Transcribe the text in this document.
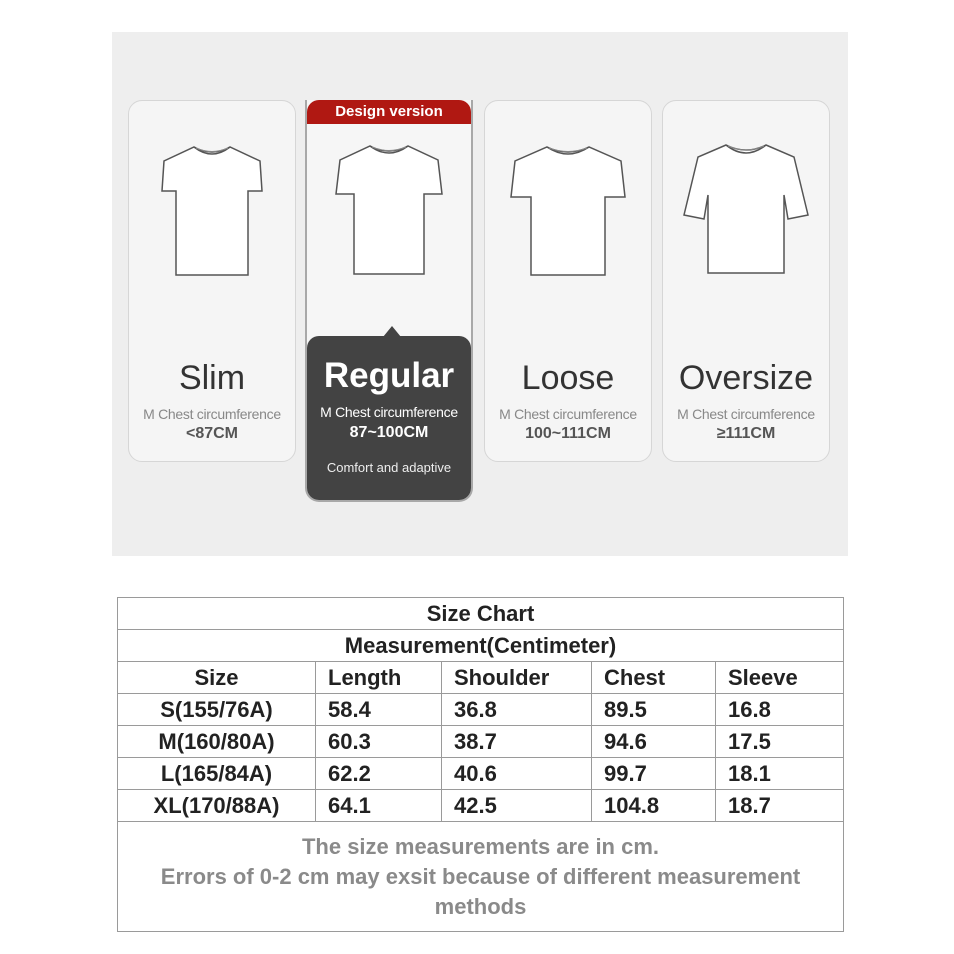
Slim
M Chest circumference
<87CM
Design version
Regular
M Chest circumference
87~100CM
Comfort and adaptive
Loose
M Chest circumference
100~111CM
Oversize
M Chest circumference
≥111CM
Size Chart				
Measurement(Centimeter)				
Size	Length	Shoulder	Chest	Sleeve
S(155/76A)	58.4	36.8	89.5	16.8
M(160/80A)	60.3	38.7	94.6	17.5
L(165/84A)	62.2	40.6	99.7	18.1
XL(170/88A)	64.1	42.5	104.8	18.7

The size measurements are in cm.
Errors of 0-2 cm may exsit because of different measurement methods				
